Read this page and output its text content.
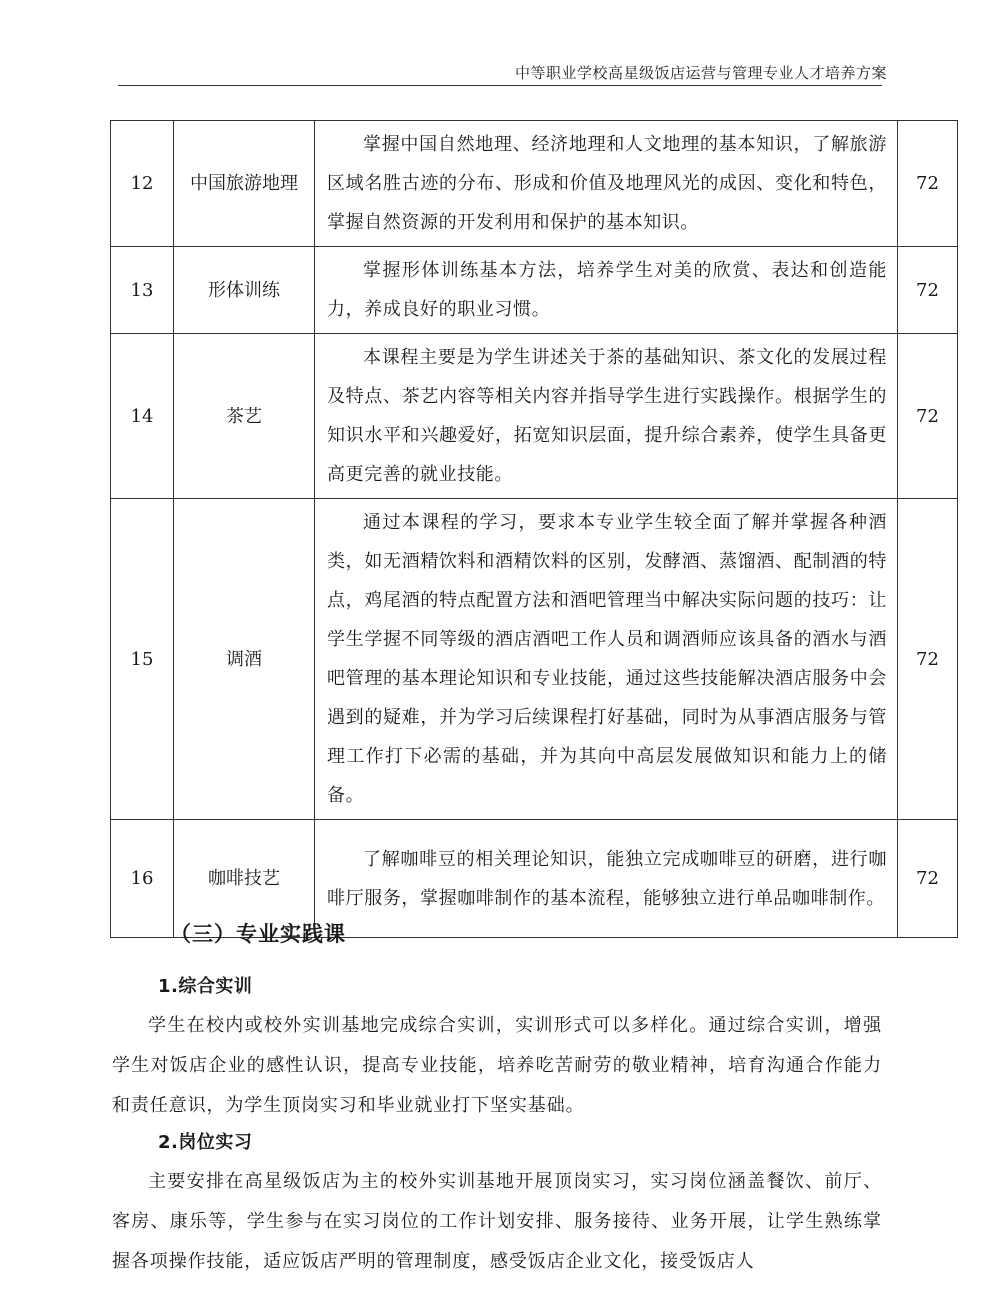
中等职业学校高星级饭店运营与管理专业人才培养方案
12	中国旅游地理	掌握中国自然地理、经济地理和人文地理的基本知识，了解旅游区域名胜古迹的分布、形成和价值及地理风光的成因、变化和特色，掌握自然资源的开发利用和保护的基本知识。	72
13	形体训练	掌握形体训练基本方法，培养学生对美的欣赏、表达和创造能力，养成良好的职业习惯。	72
14	茶艺	本课程主要是为学生讲述关于茶的基础知识、茶文化的发展过程及特点、茶艺内容等相关内容并指导学生进行实践操作。根据学生的知识水平和兴趣爱好，拓宽知识层面，提升综合素养，使学生具备更高更完善的就业技能。	72
15	调酒	通过本课程的学习，要求本专业学生较全面了解并掌握各种酒类，如无酒精饮料和酒精饮料的区别，发酵酒、蒸馏酒、配制酒的特点，鸡尾酒的特点配置方法和酒吧管理当中解决实际问题的技巧：让学生学握不同等级的酒店酒吧工作人员和调酒师应该具备的酒水与酒吧管理的基本理论知识和专业技能，通过这些技能解决酒店服务中会遇到的疑难，并为学习后续课程打好基础，同时为从事酒店服务与管理工作打下必需的基础，并为其向中高层发展做知识和能力上的储备。	72
16	咖啡技艺	了解咖啡豆的相关理论知识，能独立完成咖啡豆的研磨，进行咖啡厅服务，掌握咖啡制作的基本流程，能够独立进行单品咖啡制作。	72
（三）专业实践课
1.综合实训
学生在校内或校外实训基地完成综合实训，实训形式可以多样化。通过综合实训，增强学生对饭店企业的感性认识，提高专业技能，培养吃苦耐劳的敬业精神，培育沟通合作能力和责任意识，为学生顶岗实习和毕业就业打下坚实基础。
2.岗位实习
主要安排在高星级饭店为主的校外实训基地开展顶岗实习，实习岗位涵盖餐饮、前厅、客房、康乐等，学生参与在实习岗位的工作计划安排、服务接待、业务开展，让学生熟练掌握各项操作技能，适应饭店严明的管理制度，感受饭店企业文化，接受饭店人
